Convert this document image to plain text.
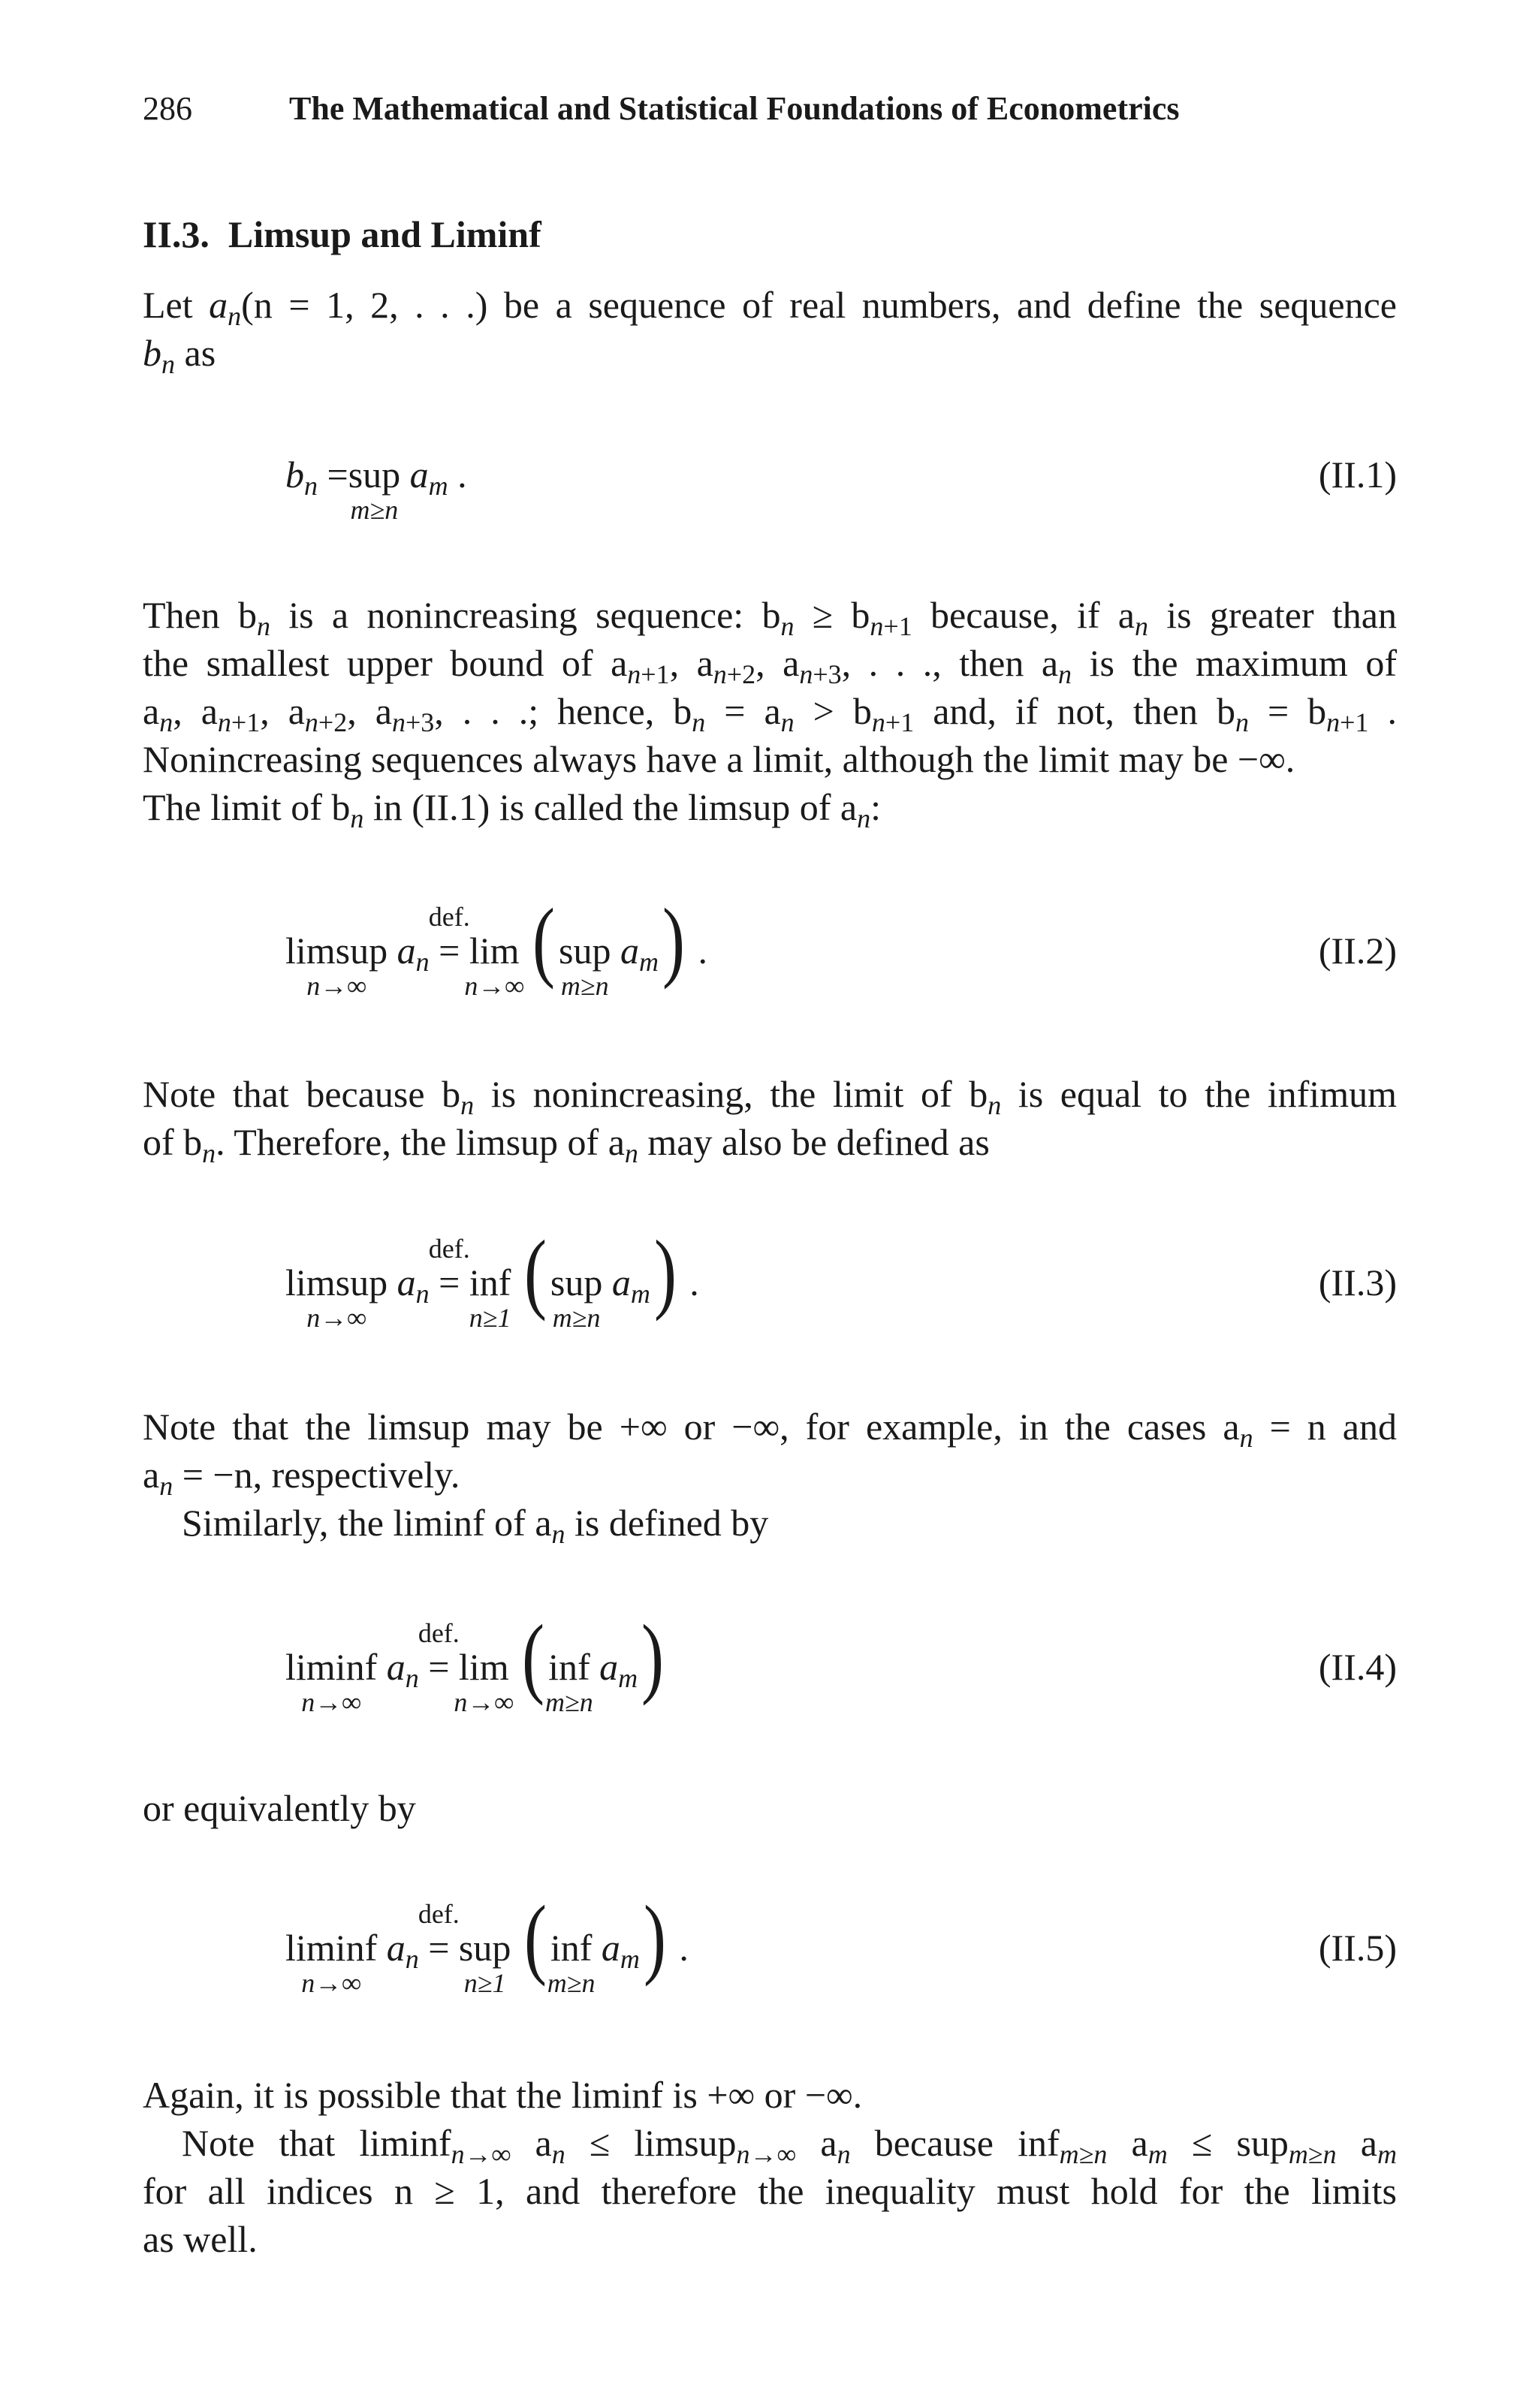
286	The Mathematical and Statistical Foundations of Econometrics
II.3. Limsup and Liminf
Let $a_n(n = 1$, 2, . . .) be a sequence of real numbers, and define the sequence
$b_n$ as
$b_n =sup$
m≥n
$a_m$ .	(II.1)
Then $b_n$ is a nonincreasing sequence: $b_n \ge b_{n+1}$ because, if $a_n$ is greater than
the smallest upper bound of $a_{n+1}$, $a_{n+2}$, $a_{n+3}$, . . ., then $a_n$ is the maximum of
$a_n$, $a_{n+1}$, $a_{n+2}$, $a_{n+3}$, . . .; hence, $b_n = a_n > b_{n+1}$ and, if not, then $b_n = b_{n+1}$ .
Nonincreasing sequences always have a limit, although the limit may be −∞.
The limit of $b_n$ in (II.1) is called the limsup of $a_n$:
limsup
n→∞
$a_n$ =
def.
lim
n→∞ (sup
m≥n
$a_m$) .	(II.2)
Note that because $b_n$ is nonincreasing, the limit of $b_n$ is equal to the infimum
of $b_n$. Therefore, the limsup of $a_n$ may also be defined as
limsup
n→∞
$a_n$ =
def.
inf
n≥1 (sup
m≥n
$a_m$) .	(II.3)
Note that the limsup may be +∞ or −∞, for example, in the cases $a_n = n$ and
$a_n = -n$, respectively.
Similarly, the liminf of $a_n$ is defined by
liminf
n→∞
$a_n$ =
def.
lim
n→∞ (inf
m≥n
$a_m$)	(II.4)
or equivalently by
liminf
n→∞
$a_n$ =
def.
sup
n≥1 (inf
m≥n
$a_m$) .	(II.5)
Again, it is possible that the liminf is +∞ or −∞.
Note that liminf$_{n\to\infty}$ $a_n$ ≤ limsup$_{n\to\infty}$ $a_n$ because inf$_{m\ge n}$ $a_m \le sup_{m\ge n}$ $a_m$
for all indices n ≥ 1, and therefore the inequality must hold for the limits
as well.
